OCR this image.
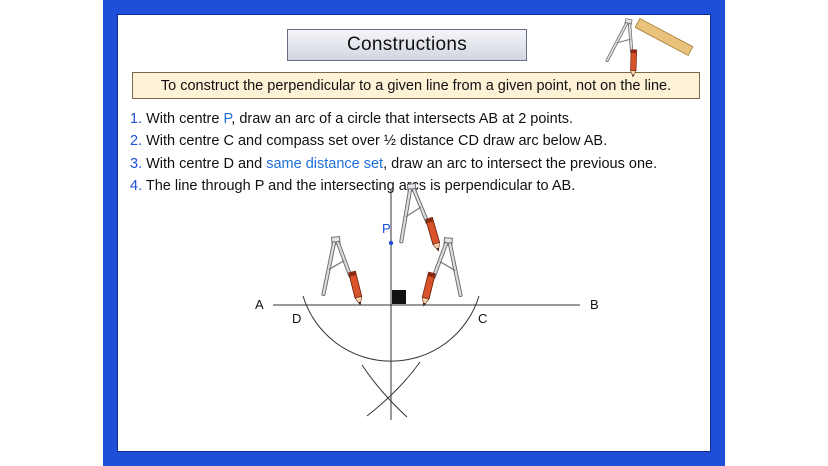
Constructions
To construct the perpendicular to a given line from a given point, not on the line.
1. With centre P, draw an arc of a circle that intersects AB at 2 points.
2. With centre C and compass set over ½ distance CD draw arc below AB.
3. With centre D and same distance set, draw an arc to intersect the previous one.
4. The line through P and the intersecting arcs is perpendicular to AB.
A	B
D	C
P
